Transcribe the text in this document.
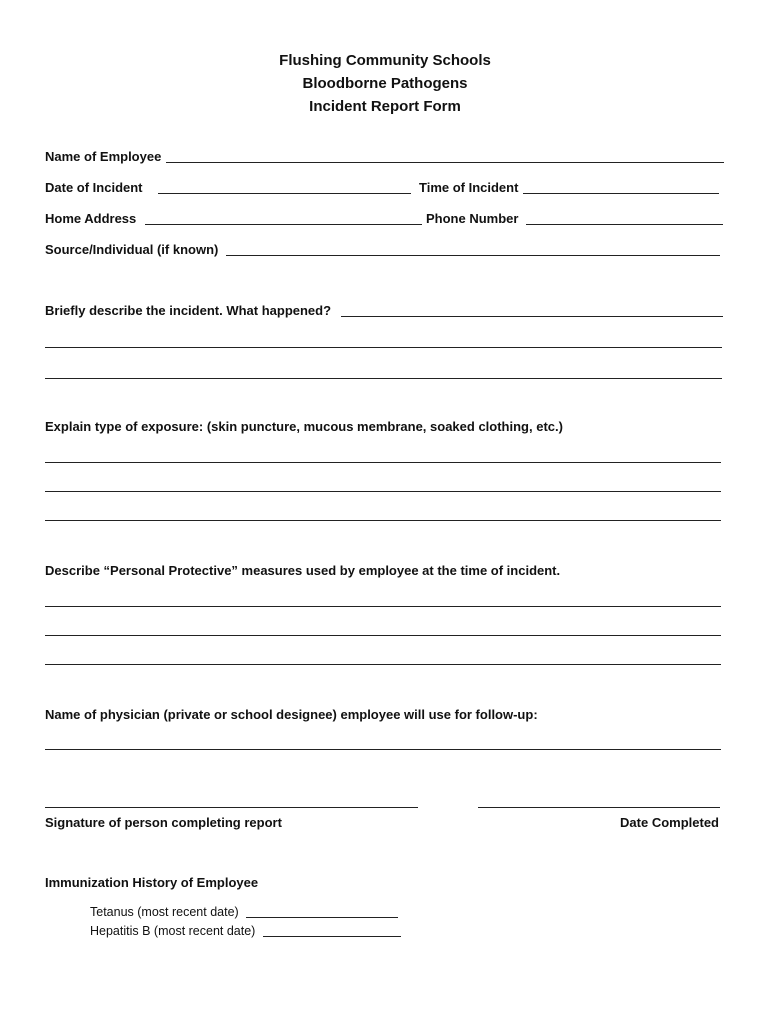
Flushing Community Schools
Bloodborne Pathogens
Incident Report Form
Name of Employee
Date of Incident	Time of Incident
Home Address	Phone Number
Source/Individual (if known)
Briefly describe the incident. What happened?
Explain type of exposure: (skin puncture, mucous membrane, soaked clothing, etc.)
Describe “Personal Protective” measures used by employee at the time of incident.
Name of physician (private or school designee) employee will use for follow-up:
Signature of person completing report	Date Completed
Immunization History of Employee
Tetanus (most recent date)
Hepatitis B (most recent date)
